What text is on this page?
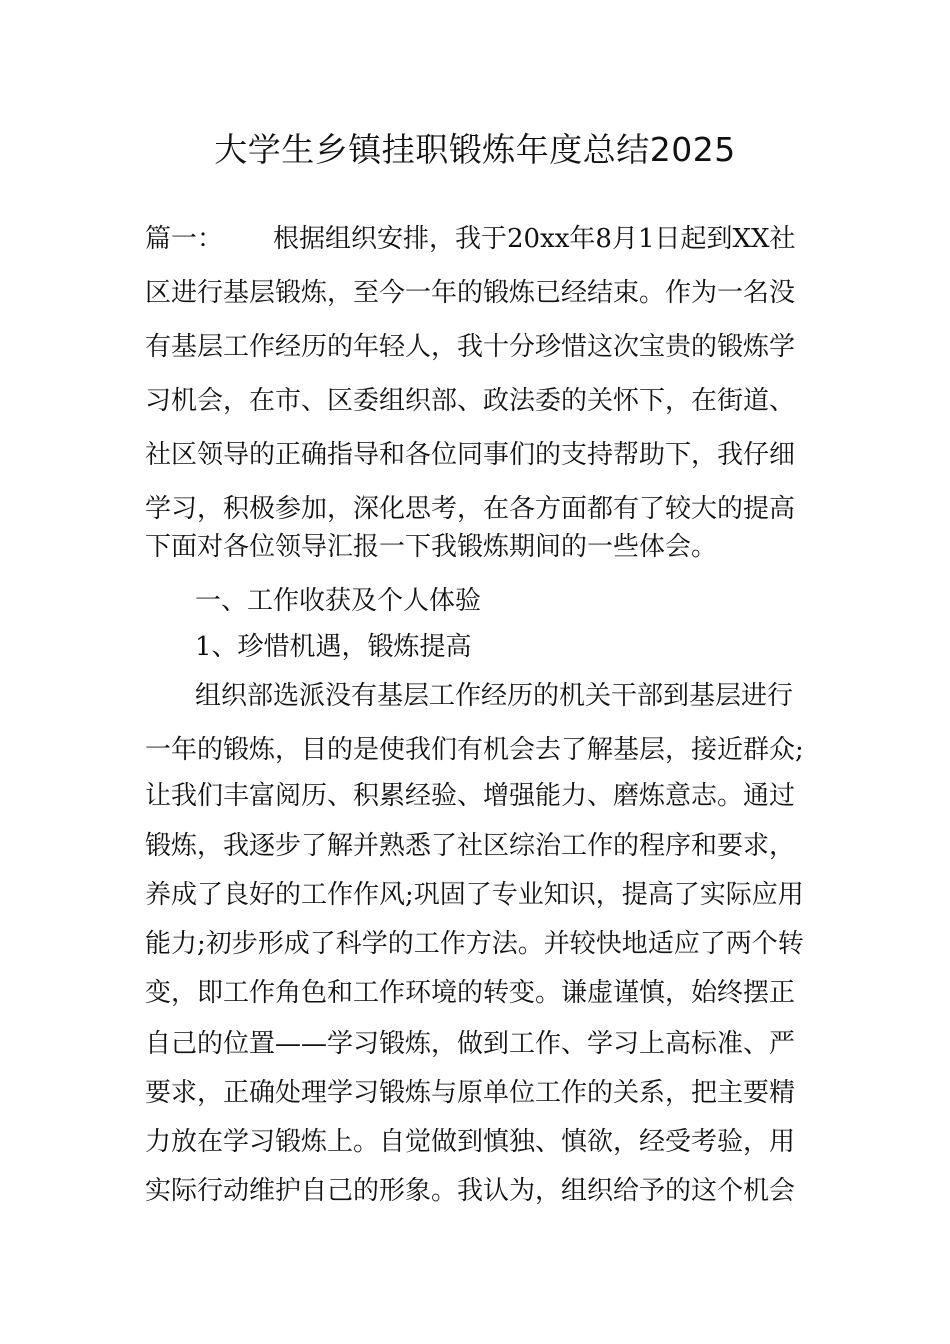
大学生乡镇挂职锻炼年度总结2025

篇一： 根据组织安排，我于20xx年8月1日起到XX社

区进行基层锻炼，至今一年的锻炼已经结束。作为一名没

有基层工作经历的年轻人，我十分珍惜这次宝贵的锻炼学

习机会，在市、区委组织部、政法委的关怀下，在街道、

社区领导的正确指导和各位同事们的支持帮助下，我仔细

学习，积极参加，深化思考，在各方面都有了较大的提高

下面对各位领导汇报一下我锻炼期间的一些体会。

一、工作收获及个人体验

1、珍惜机遇，锻炼提高

组织部选派没有基层工作经历的机关干部到基层进行

一年的锻炼，目的是使我们有机会去了解基层，接近群众;

让我们丰富阅历、积累经验、增强能力、磨炼意志。通过

锻炼，我逐步了解并熟悉了社区综治工作的程序和要求，

养成了良好的工作作风;巩固了专业知识，提高了实际应用

能力;初步形成了科学的工作方法。并较快地适应了两个转

变，即工作角色和工作环境的转变。谦虚谨慎，始终摆正

自己的位置——学习锻炼，做到工作、学习上高标准、严

要求，正确处理学习锻炼与原单位工作的关系，把主要精

力放在学习锻炼上。自觉做到慎独、慎欲，经受考验，用

实际行动维护自己的形象。我认为，组织给予的这个机会
